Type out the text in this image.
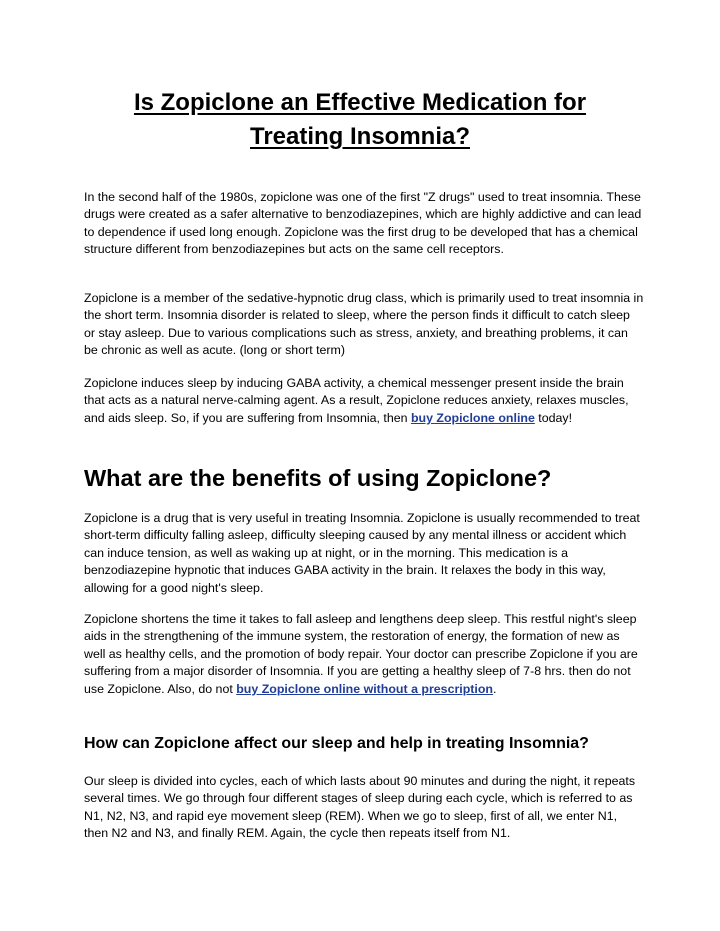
Is Zopiclone an Effective Medication for
Treating Insomnia?

In the second half of the 1980s, zopiclone was one of the first "Z drugs" used to treat insomnia. These drugs were created as a safer alternative to benzodiazepines, which are highly addictive and can lead to dependence if used long enough. Zopiclone was the first drug to be developed that has a chemical structure different from benzodiazepines but acts on the same cell receptors.

Zopiclone is a member of the sedative-hypnotic drug class, which is primarily used to treat insomnia in the short term. Insomnia disorder is related to sleep, where the person finds it difficult to catch sleep or stay asleep. Due to various complications such as stress, anxiety, and breathing problems, it can be chronic as well as acute. (long or short term)

Zopiclone induces sleep by inducing GABA activity, a chemical messenger present inside the brain that acts as a natural nerve-calming agent. As a result, Zopiclone reduces anxiety, relaxes muscles, and aids sleep. So, if you are suffering from Insomnia, then buy Zopiclone online today!

What are the benefits of using Zopiclone?

Zopiclone is a drug that is very useful in treating Insomnia. Zopiclone is usually recommended to treat short-term difficulty falling asleep, difficulty sleeping caused by any mental illness or accident which can induce tension, as well as waking up at night, or in the morning. This medication is a benzodiazepine hypnotic that induces GABA activity in the brain. It relaxes the body in this way, allowing for a good night's sleep.

Zopiclone shortens the time it takes to fall asleep and lengthens deep sleep. This restful night's sleep aids in the strengthening of the immune system, the restoration of energy, the formation of new as well as healthy cells, and the promotion of body repair. Your doctor can prescribe Zopiclone if you are suffering from a major disorder of Insomnia. If you are getting a healthy sleep of 7-8 hrs. then do not use Zopiclone. Also, do not buy Zopiclone online without a prescription.

How can Zopiclone affect our sleep and help in treating Insomnia?

Our sleep is divided into cycles, each of which lasts about 90 minutes and during the night, it repeats several times. We go through four different stages of sleep during each cycle, which is referred to as N1, N2, N3, and rapid eye movement sleep (REM). When we go to sleep, first of all, we enter N1, then N2 and N3, and finally REM. Again, the cycle then repeats itself from N1.
